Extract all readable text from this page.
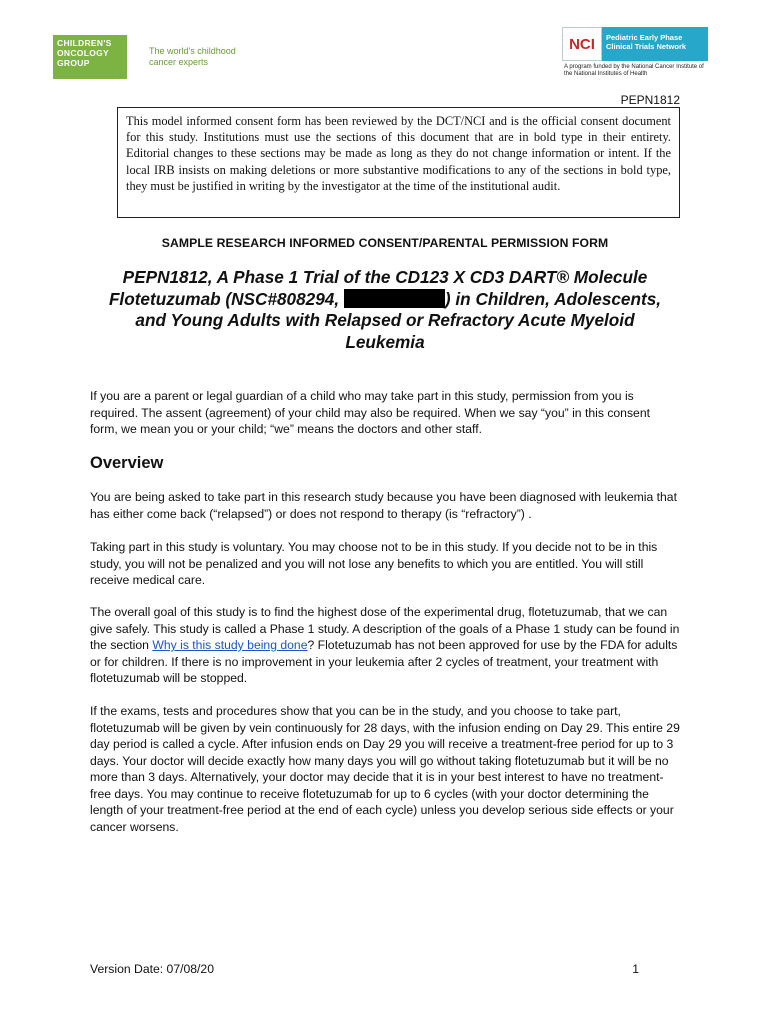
CHILDREN'S ONCOLOGY GROUP
The world's childhood cancer experts
NCI	Pediatric Early Phase Clinical Trials Network
A program funded by the National Cancer Institute of the National Institutes of Health
PEPN1812
This model informed consent form has been reviewed by the DCT/NCI and is the official consent document for this study. Institutions must use the sections of this document that are in bold type in their entirety. Editorial changes to these sections may be made as long as they do not change information or intent. If the local IRB insists on making deletions or more substantive modifications to any of the sections in bold type, they must be justified in writing by the investigator at the time of the institutional audit.
SAMPLE RESEARCH INFORMED CONSENT/PARENTAL PERMISSION FORM
PEPN1812, A Phase 1 Trial of the CD123 X CD3 DART® Molecule
Flotetuzumab (NSC#808294,	) in Children, Adolescents,
and Young Adults with Relapsed or Refractory Acute Myeloid
Leukemia

If you are a parent or legal guardian of a child who may take part in this study, permission from you is required. The assent (agreement) of your child may also be required. When we say “you” in this consent form, we mean you or your child; “we” means the doctors and other staff.

Overview

You are being asked to take part in this research study because you have been diagnosed with leukemia that has either come back (“relapsed”) or does not respond to therapy (is “refractory”) .

Taking part in this study is voluntary. You may choose not to be in this study. If you decide not to be in this study, you will not be penalized and you will not lose any benefits to which you are entitled. You will still receive medical care.

The overall goal of this study is to find the highest dose of the experimental drug, flotetuzumab, that we can give safely. This study is called a Phase 1 study. A description of the goals of a Phase 1 study can be found in the section Why is this study being done? Flotetuzumab has not been approved for use by the FDA for adults or for children. If there is no improvement in your leukemia after 2 cycles of treatment, your treatment with flotetuzumab will be stopped.

If the exams, tests and procedures show that you can be in the study, and you choose to take part, flotetuzumab will be given by vein continuously for 28 days, with the infusion ending on Day 29. This entire 29 day period is called a cycle. After infusion ends on Day 29 you will receive a treatment-free period for up to 3 days. Your doctor will decide exactly how many days you will go without taking flotetuzumab but it will be no more than 3 days. Alternatively, your doctor may decide that it is in your best interest to have no treatment-free days. You may continue to receive flotetuzumab for up to 6 cycles (with your doctor determining the length of your treatment-free period at the end of each cycle) unless you develop serious side effects or your cancer worsens.

Version Date: 07/08/20	1
